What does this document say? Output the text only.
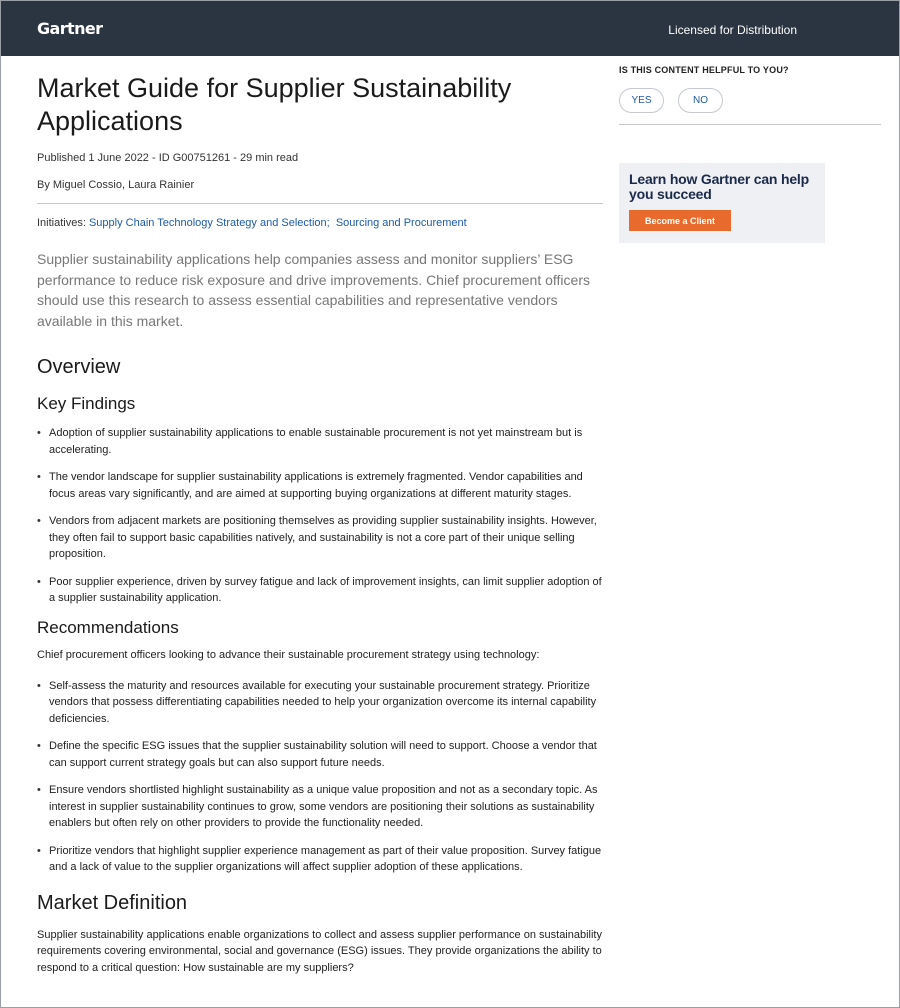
Gartner	Licensed for Distribution
Market Guide for Supplier Sustainability Applications
Published 1 June 2022 - ID G00751261 - 29 min read
By Miguel Cossio, Laura Rainier
Initiatives: Supply Chain Technology Strategy and Selection; Sourcing and Procurement

Supplier sustainability applications help companies assess and monitor suppliers’ ESG performance to reduce risk exposure and drive improvements. Chief procurement officers should use this research to assess essential capabilities and representative vendors available in this market.

Overview
Key Findings
• Adoption of supplier sustainability applications to enable sustainable procurement is not yet mainstream but is accelerating.
• The vendor landscape for supplier sustainability applications is extremely fragmented. Vendor capabilities and focus areas vary significantly, and are aimed at supporting buying organizations at different maturity stages.
• Vendors from adjacent markets are positioning themselves as providing supplier sustainability insights. However, they often fail to support basic capabilities natively, and sustainability is not a core part of their unique selling proposition.
• Poor supplier experience, driven by survey fatigue and lack of improvement insights, can limit supplier adoption of a supplier sustainability application.
Recommendations
Chief procurement officers looking to advance their sustainable procurement strategy using technology:
• Self-assess the maturity and resources available for executing your sustainable procurement strategy. Prioritize vendors that possess differentiating capabilities needed to help your organization overcome its internal capability deficiencies.
• Define the specific ESG issues that the supplier sustainability solution will need to support. Choose a vendor that can support current strategy goals but can also support future needs.
• Ensure vendors shortlisted highlight sustainability as a unique value proposition and not as a secondary topic. As interest in supplier sustainability continues to grow, some vendors are positioning their solutions as sustainability enablers but often rely on other providers to provide the functionality needed.
• Prioritize vendors that highlight supplier experience management as part of their value proposition. Survey fatigue and a lack of value to the supplier organizations will affect supplier adoption of these applications.
Market Definition

Supplier sustainability applications enable organizations to collect and assess supplier performance on sustainability requirements covering environmental, social and governance (ESG) issues. They provide organizations the ability to respond to a critical question: How sustainable are my suppliers?

IS THIS CONTENT HELPFUL TO YOU?
YES	NO
Learn how Gartner can help you succeed
Become a Client
